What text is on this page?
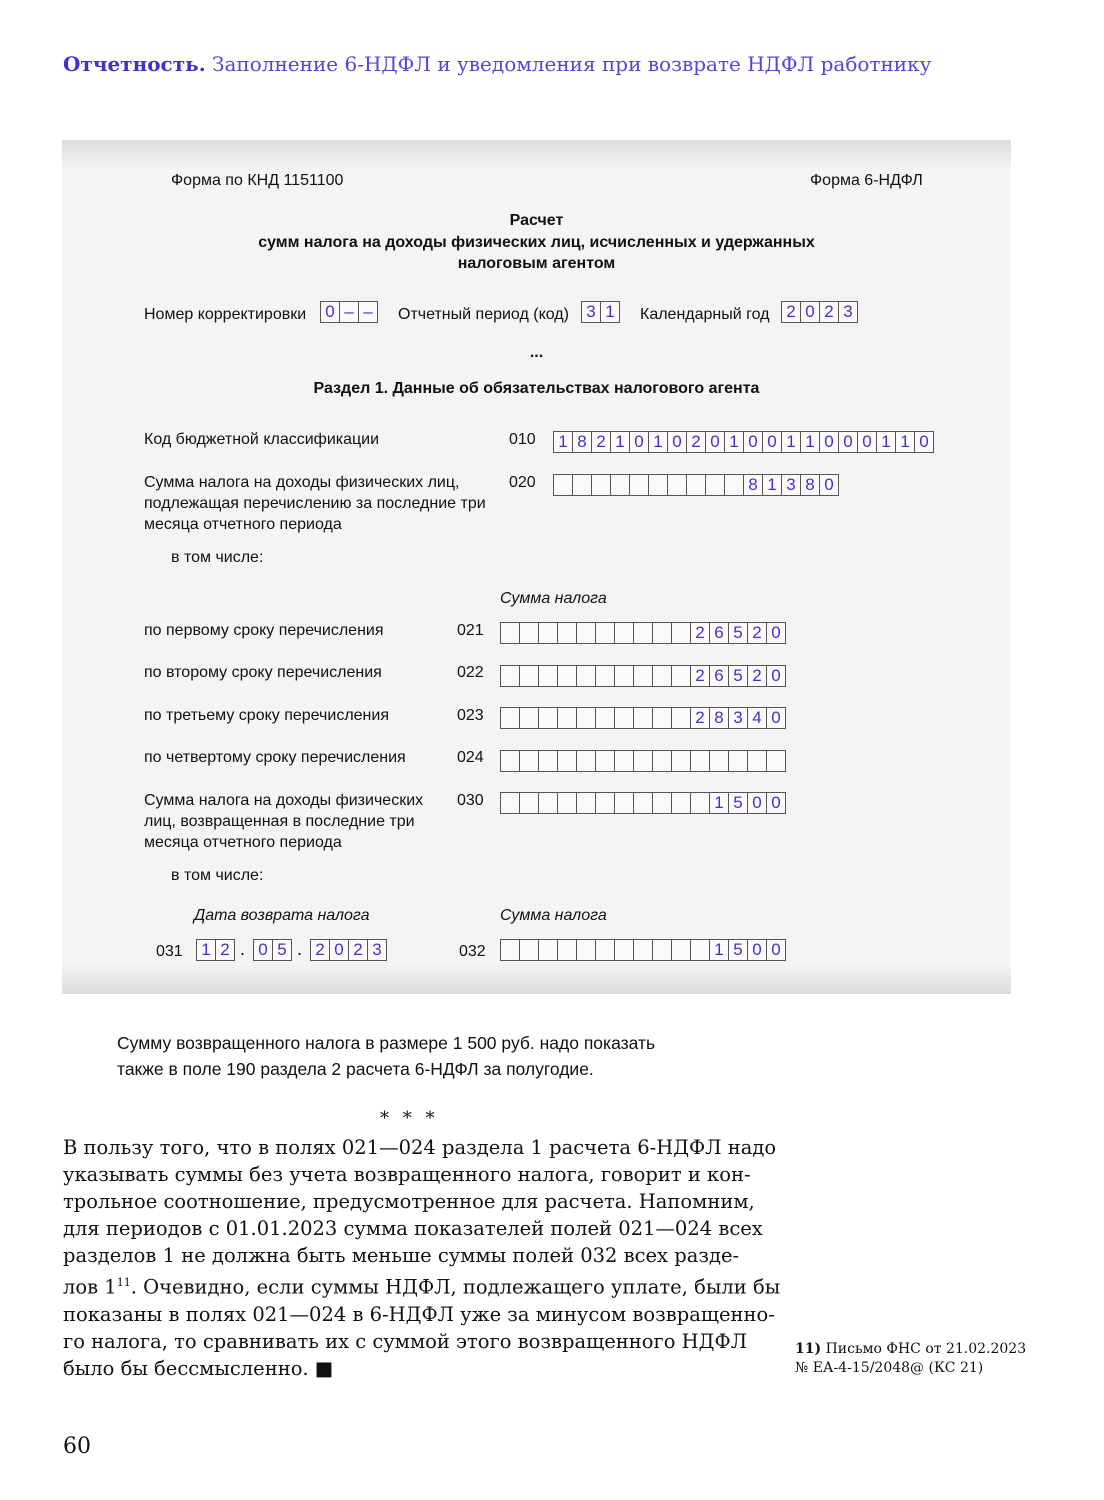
Отчетность. Заполнение 6-НДФЛ и уведомления при возврате НДФЛ работнику
Форма по КНД 1151100	Форма 6-НДФЛ
Расчет
сумм налога на доходы физических лиц, исчисленных и удержанных
налоговым агентом
Номер корректировки	0 – –	Отчетный период (код)	3 1	Календарный год 2 0 2 3
...
Раздел 1. Данные об обязательствах налогового агента
Код бюджетной классификации	010	1 8 2 1 0 1 0 2 0 1 0 0 1 1 0 0 0 1 1 0
Сумма налога на доходы физических лиц,
подлежащая перечислению за последние три
месяца отчетного периода
020	8 1 3 8 0
в том числе:
Сумма налога
по первому сроку перечисления	021	2 6 5 2 0
по второму сроку перечисления	022	2 6 5 2 0
по третьему сроку перечисления	023	2 8 3 4 0
по четвертому сроку перечисления	024
Сумма налога на доходы физических
лиц, возвращенная в последние три
месяца отчетного периода
030	1 5 0 0
в том числе:
Дата возврата налога	Сумма налога
031	1 2 . 0 5 . 2 0 2 3	032	1 5 0 0
Сумму возвращенного налога в размере 1 500 руб. надо показать
также в поле 190 раздела 2 расчета 6-НДФЛ за полугодие.
* * *
В пользу того, что в полях 021—024 раздела 1 расчета 6-НДФЛ надо
указывать суммы без учета возвращенного налога, говорит и кон-
трольное соотношение, предусмотренное для расчета. Напомним,
для периодов с 01.01.2023 сумма показателей полей 021—024 всех
разделов 1 не должна быть меньше суммы полей 032 всех разде-
лов $1^{11}$. Очевидно, если суммы НДФЛ, подлежащего уплате, были бы
показаны в полях 021—024 в 6-НДФЛ уже за минусом возвращенно-
го налога, то сравнивать их с суммой этого возвращенного НДФЛ
было бы бессмысленно. ■
11) Письмо ФНС от 21.02.2023
№ ЕА-4-15/2048@ (КС 21)
60
